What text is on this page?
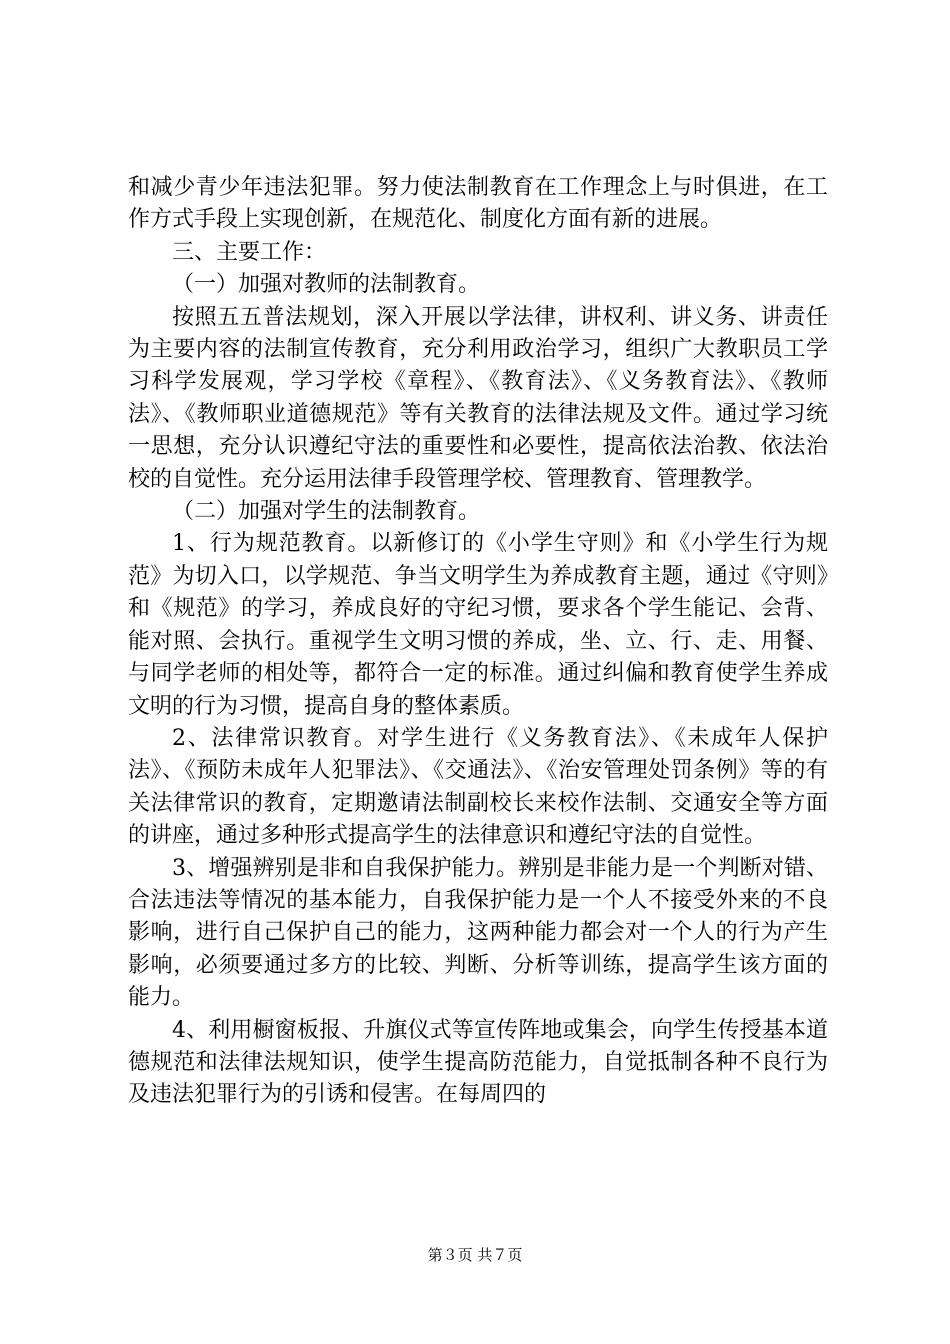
和减少青少年违法犯罪。努力使法制教育在工作理念上与时俱进，在工作方式手段上实现创新，在规范化、制度化方面有新的进展。

三、主要工作：

（一）加强对教师的法制教育。

按照五五普法规划，深入开展以学法律，讲权利、讲义务、讲责任为主要内容的法制宣传教育，充分利用政治学习，组织广大教职员工学习科学发展观，学习学校《章程》、《教育法》、《义务教育法》、《教师法》、《教师职业道德规范》等有关教育的法律法规及文件。通过学习统一思想，充分认识遵纪守法的重要性和必要性，提高依法治教、依法治校的自觉性。充分运用法律手段管理学校、管理教育、管理教学。

（二）加强对学生的法制教育。

1、行为规范教育。以新修订的《小学生守则》和《小学生行为规范》为切入口，以学规范、争当文明学生为养成教育主题，通过《守则》和《规范》的学习，养成良好的守纪习惯，要求各个学生能记、会背、能对照、会执行。重视学生文明习惯的养成，坐、立、行、走、用餐、与同学老师的相处等，都符合一定的标准。通过纠偏和教育使学生养成文明的行为习惯，提高自身的整体素质。

2、法律常识教育。对学生进行《义务教育法》、《未成年人保护法》、《预防未成年人犯罪法》、《交通法》、《治安管理处罚条例》等的有关法律常识的教育，定期邀请法制副校长来校作法制、交通安全等方面的讲座，通过多种形式提高学生的法律意识和遵纪守法的自觉性。

3、增强辨别是非和自我保护能力。辨别是非能力是一个判断对错、合法违法等情况的基本能力，自我保护能力是一个人不接受外来的不良影响，进行自己保护自己的能力，这两种能力都会对一个人的行为产生影响，必须要通过多方的比较、判断、分析等训练，提高学生该方面的能力。

4、利用橱窗板报、升旗仪式等宣传阵地或集会，向学生传授基本道德规范和法律法规知识，使学生提高防范能力，自觉抵制各种不良行为及违法犯罪行为的引诱和侵害。在每周四的

第３页 共７页
